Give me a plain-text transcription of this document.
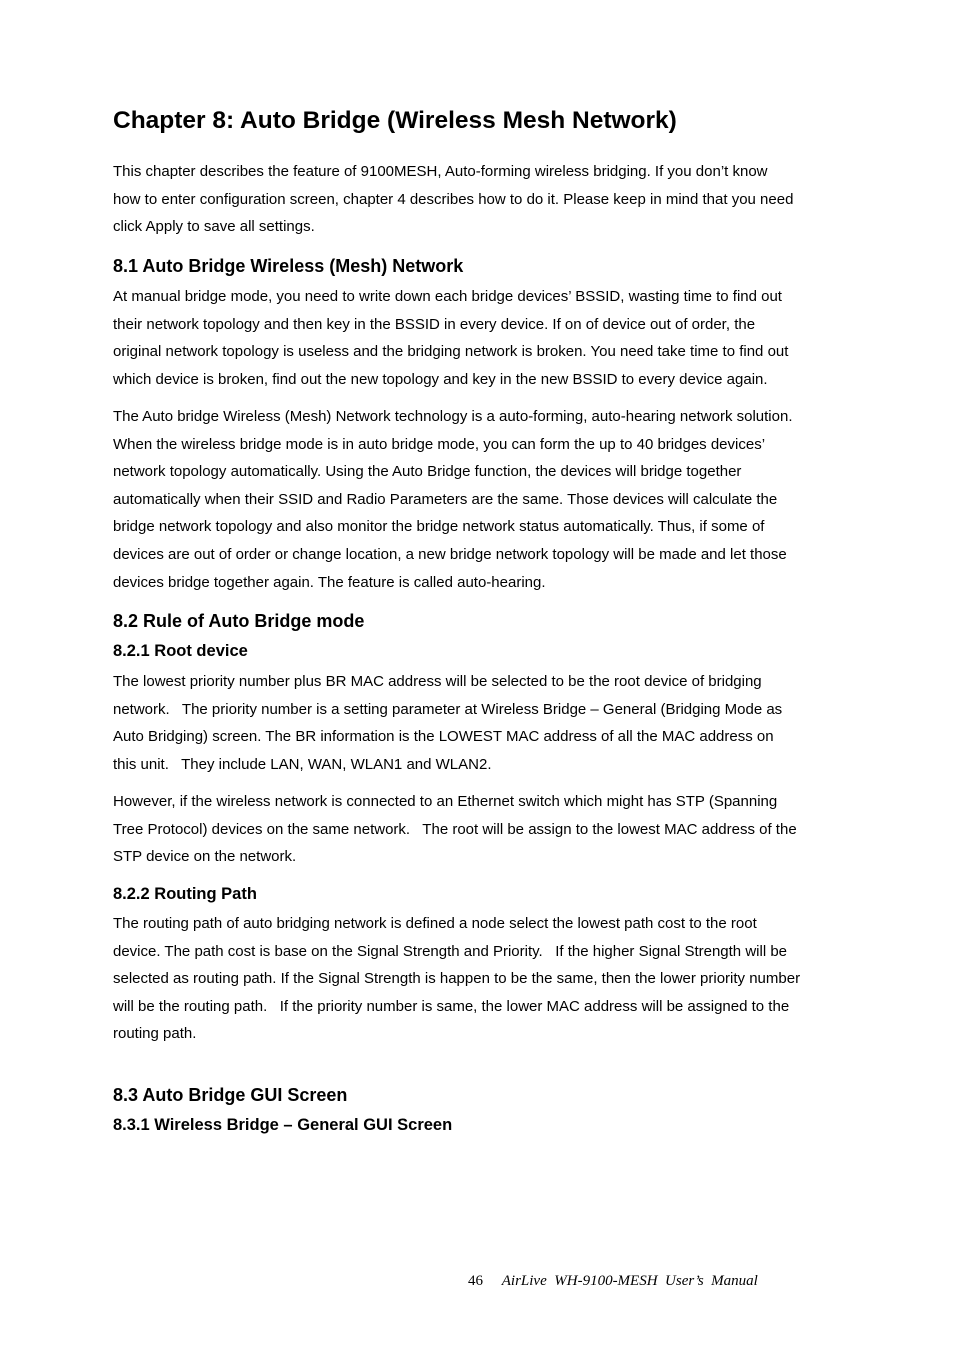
Chapter 8: Auto Bridge (Wireless Mesh Network)

This chapter describes the feature of 9100MESH, Auto-forming wireless bridging. If you don’t know
how to enter configuration screen, chapter 4 describes how to do it. Please keep in mind that you need
click Apply to save all settings.

8.1 Auto Bridge Wireless (Mesh) Network

At manual bridge mode, you need to write down each bridge devices’ BSSID, wasting time to find out
their network topology and then key in the BSSID in every device. If on of device out of order, the
original network topology is useless and the bridging network is broken. You need take time to find out
which device is broken, find out the new topology and key in the new BSSID to every device again.

The Auto bridge Wireless (Mesh) Network technology is a auto-forming, auto-hearing network solution.
When the wireless bridge mode is in auto bridge mode, you can form the up to 40 bridges devices’
network topology automatically. Using the Auto Bridge function, the devices will bridge together
automatically when their SSID and Radio Parameters are the same. Those devices will calculate the
bridge network topology and also monitor the bridge network status automatically. Thus, if some of
devices are out of order or change location, a new bridge network topology will be made and let those
devices bridge together again. The feature is called auto-hearing.

8.2 Rule of Auto Bridge mode
8.2.1 Root device

The lowest priority number plus BR MAC address will be selected to be the root device of bridging
network.   The priority number is a setting parameter at Wireless Bridge – General (Bridging Mode as
Auto Bridging) screen. The BR information is the LOWEST MAC address of all the MAC address on
this unit.   They include LAN, WAN, WLAN1 and WLAN2.

However, if the wireless network is connected to an Ethernet switch which might has STP (Spanning
Tree Protocol) devices on the same network.   The root will be assign to the lowest MAC address of the
STP device on the network.

8.2.2 Routing Path

The routing path of auto bridging network is defined a node select the lowest path cost to the root
device. The path cost is base on the Signal Strength and Priority.   If the higher Signal Strength will be
selected as routing path. If the Signal Strength is happen to be the same, then the lower priority number
will be the routing path.   If the priority number is same, the lower MAC address will be assigned to the
routing path.

8.3 Auto Bridge GUI Screen
8.3.1 Wireless Bridge – General GUI Screen
46 AirLive  WH-9100-MESH  User’s  Manual
